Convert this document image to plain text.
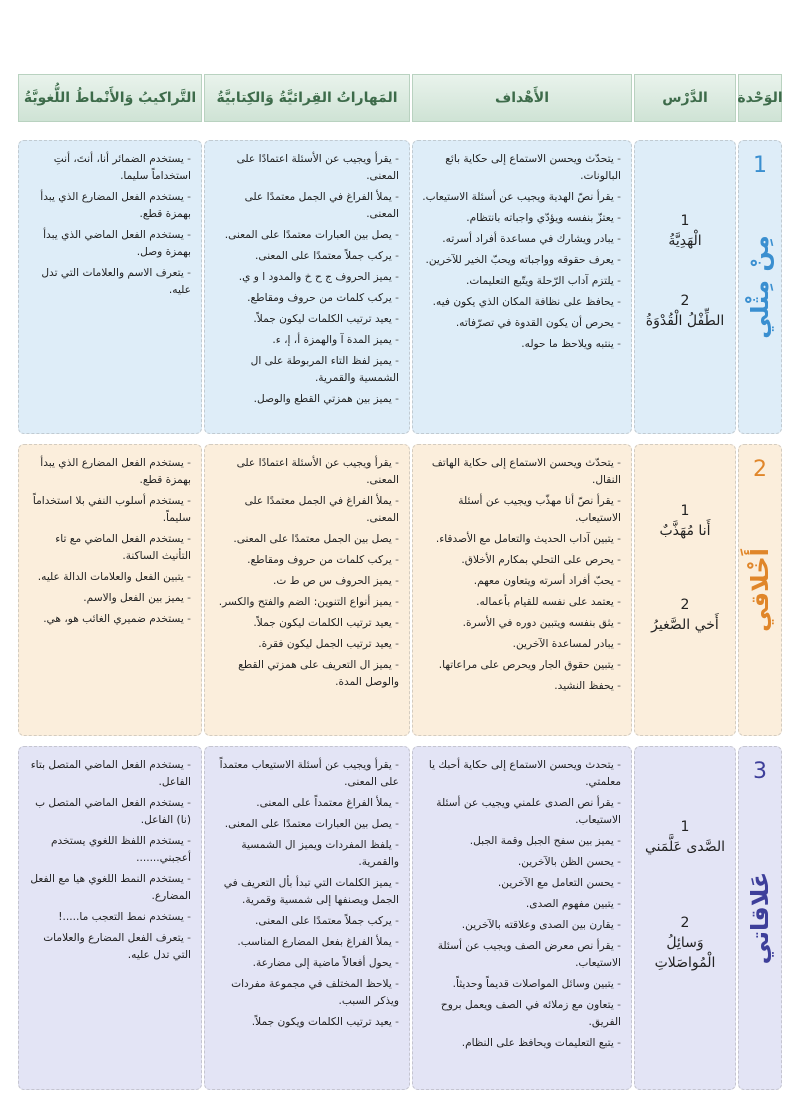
الوَحْدة
الدَّرْس
الأَهْداف
المَهاراتُ القِرائيَّةُ وَالكِتابيَّةُ
التَّراكيبُ وَالأَنْماطُ اللُّغويَّةُ
1
مِنْ مِثْلي
1
الْهَدِيَّةُ
2
الطِّفْلُ الْقُدْوَةُ
- يتحدّث ويحسن الاستماع إلى حكاية بائع البالونات.
- يقرأ نصّ الهدية ويجيب عن أسئلة الاستيعاب.
- يعتزّ بنفسه ويؤدّي واجباته بانتظام.
- يبادر ويشارك في مساعدة أفراد أسرته.
- يعرف حقوقه وواجباته ويحبّ الخير للآخرين.
- يلتزم آداب الرّحلة ويتّبع التعليمات.
- يحافظ على نظافة المكان الذي يكون فيه.
- يحرص أن يكون القدوة في تصرّفاته.
- ينتبه ويلاحظ ما حوله.
- يقرأ ويجيب عن الأسئلة اعتمادًا على المعنى.
- يملأ الفراغ في الجمل معتمدًا على المعنى.
- يصل بين العبارات معتمدًا على المعنى.
- يركب جملاً معتمدًا على المعنى.
- يميز الحروف ج ح خ والمدود ا و ي.
- يركب كلمات من حروف ومقاطع.
- يعيد ترتيب الكلمات ليكون جملاً.
- يميز المدة آ والهمزة أ، إ، ء.
- يميز لفظ التاء المربوطة على ال الشمسية والقمرية.
- يميز بين همزتي القطع والوصل.
- يستخدم الضمائر أنا، أنتَ، أنتِ استخداماً سليما.
- يستخدم الفعل المضارع الذي يبدأ بهمزة قطع.
- يستخدم الفعل الماضي الذي يبدأ بهمزة وصل.
- يتعرف الاسم والعلامات التي تدل عليه.
2
أَخْلاقي
1
أَنا مُهَذَّبٌ
2
أَخي الصَّغيرُ
- يتحدّث ويحسن الاستماع إلى حكاية الهاتف النقال.
- يقرأ نصّ أنا مهذّب ويجيب عن أسئلة الاستيعاب.
- يتبين آداب الحديث والتعامل مع الأصدقاء.
- يحرص على التحلي بمكارم الأخلاق.
- يحبّ أفراد أسرته ويتعاون معهم.
- يعتمد على نفسه للقيام بأعماله.
- يثق بنفسه ويتبين دوره في الأسرة.
- يبادر لمساعدة الآخرين.
- يتبين حقوق الجار ويحرص على مراعاتها.
- يحفظ النشيد.
- يقرأ ويجيب عن الأسئلة اعتمادًا على المعنى.
- يملأ الفراغ في الجمل معتمدًا على المعنى.
- يصل بين الجمل معتمدًا على المعنى.
- يركب كلمات من حروف ومقاطع.
- يميز الحروف س ص ط ت.
- يميز أنواع التنوين: الضم والفتح والكسر.
- يعيد ترتيب الكلمات ليكون جملاً.
- يعيد ترتيب الجمل ليكون فقرة.
- يميز ال التعريف على همزتي القطع والوصل المدة.
- يستخدم الفعل المضارع الذي يبدأ بهمزة قطع.
- يستخدم أسلوب النفي بلا استخداماً سليماً.
- يستخدم الفعل الماضي مع تاء التأنيث الساكنة.
- يتبين الفعل والعلامات الدالة عليه.
- يميز بين الفعل والاسم.
- يستخدم ضميري الغائب هو، هي.
3
عَلاقاتي
1
الصَّدى عَلَّمَني
2
وَسائِلُ الْمُواصَلاتِ
- يتحدث ويحسن الاستماع إلى حكاية أحبك يا معلمتي.
- يقرأ نص الصدى علمني ويجيب عن أسئلة الاستيعاب.
- يميز بين سفح الجبل وقمة الجبل.
- يحسن الظن بالآخرين.
- يحسن التعامل مع الآخرين.
- يتبين مفهوم الصدى.
- يقارن بين الصدى وعلاقته بالآخرين.
- يقرأ نص معرض الصف ويجيب عن أسئلة الاستيعاب.
- يتبين وسائل المواصلات قديماً وحديثاً.
- يتعاون مع زملائه في الصف ويعمل بروح الفريق.
- يتبع التعليمات ويحافظ على النظام.
- يقرأ ويجيب عن أسئلة الاستيعاب معتمداً على المعنى.
- يملأ الفراغ معتمداً على المعنى.
- يصل بين العبارات معتمدًا على المعنى.
- يلفظ المفردات ويميز ال الشمسية والقمرية.
- يميز الكلمات التي تبدأ بأل التعريف في الجمل ويصنفها إلى شمسية وقمرية.
- يركب جملاً معتمدًا على المعنى.
- يملأ الفراغ بفعل المضارع المناسب.
- يحول أفعالاً ماضية إلى مضارعة.
- يلاحظ المختلف في مجموعة مفردات ويذكر السبب.
- يعيد ترتيب الكلمات ويكون جملاً.
- يستخدم الفعل الماضي المتصل بتاء الفاعل.
- يستخدم الفعل الماضي المتصل ب (نا) الفاعل.
- يستخدم اللفظ اللغوي يستخدم أعجبني.......
- يستخدم النمط اللغوي هيا مع الفعل المضارع.
- يستخدم نمط التعجب ما.....!
- يتعرف الفعل المضارع والعلامات التي تدل عليه.
